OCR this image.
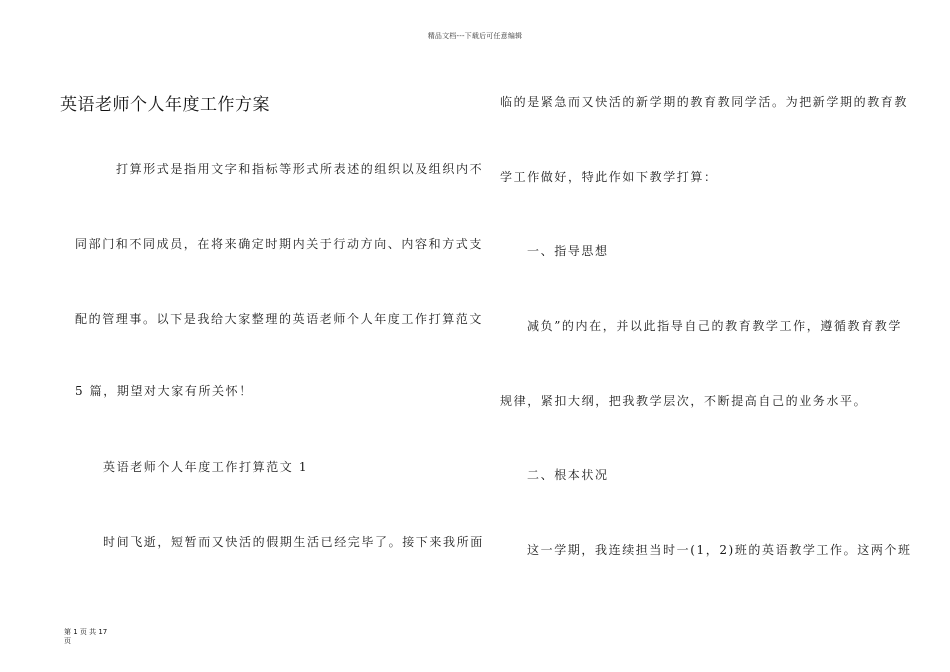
精品文档---下载后可任意编辑
英语老师个人年度工作方案
打算形式是指用文字和指标等形式所表述的组织以及组织内不
同部门和不同成员，在将来确定时期内关于行动方向、内容和方式支
配的管理事。以下是我给大家整理的英语老师个人年度工作打算范文
5 篇，期望对大家有所关怀！
英语老师个人年度工作打算范文 1
时间飞逝，短暂而又快活的假期生活已经完毕了。接下来我所面
临的是紧急而又快活的新学期的教育教同学活。为把新学期的教育教
学工作做好，特此作如下教学打算：
一、指导思想
减负”的内在，并以此指导自己的教育教学工作，遵循教育教学
规律，紧扣大纲，把我教学层次，不断提高自己的业务水平。
二、根本状况
这一学期，我连续担当时一(1，2)班的英语教学工作。这两个班
第 1 页 共 17
页
